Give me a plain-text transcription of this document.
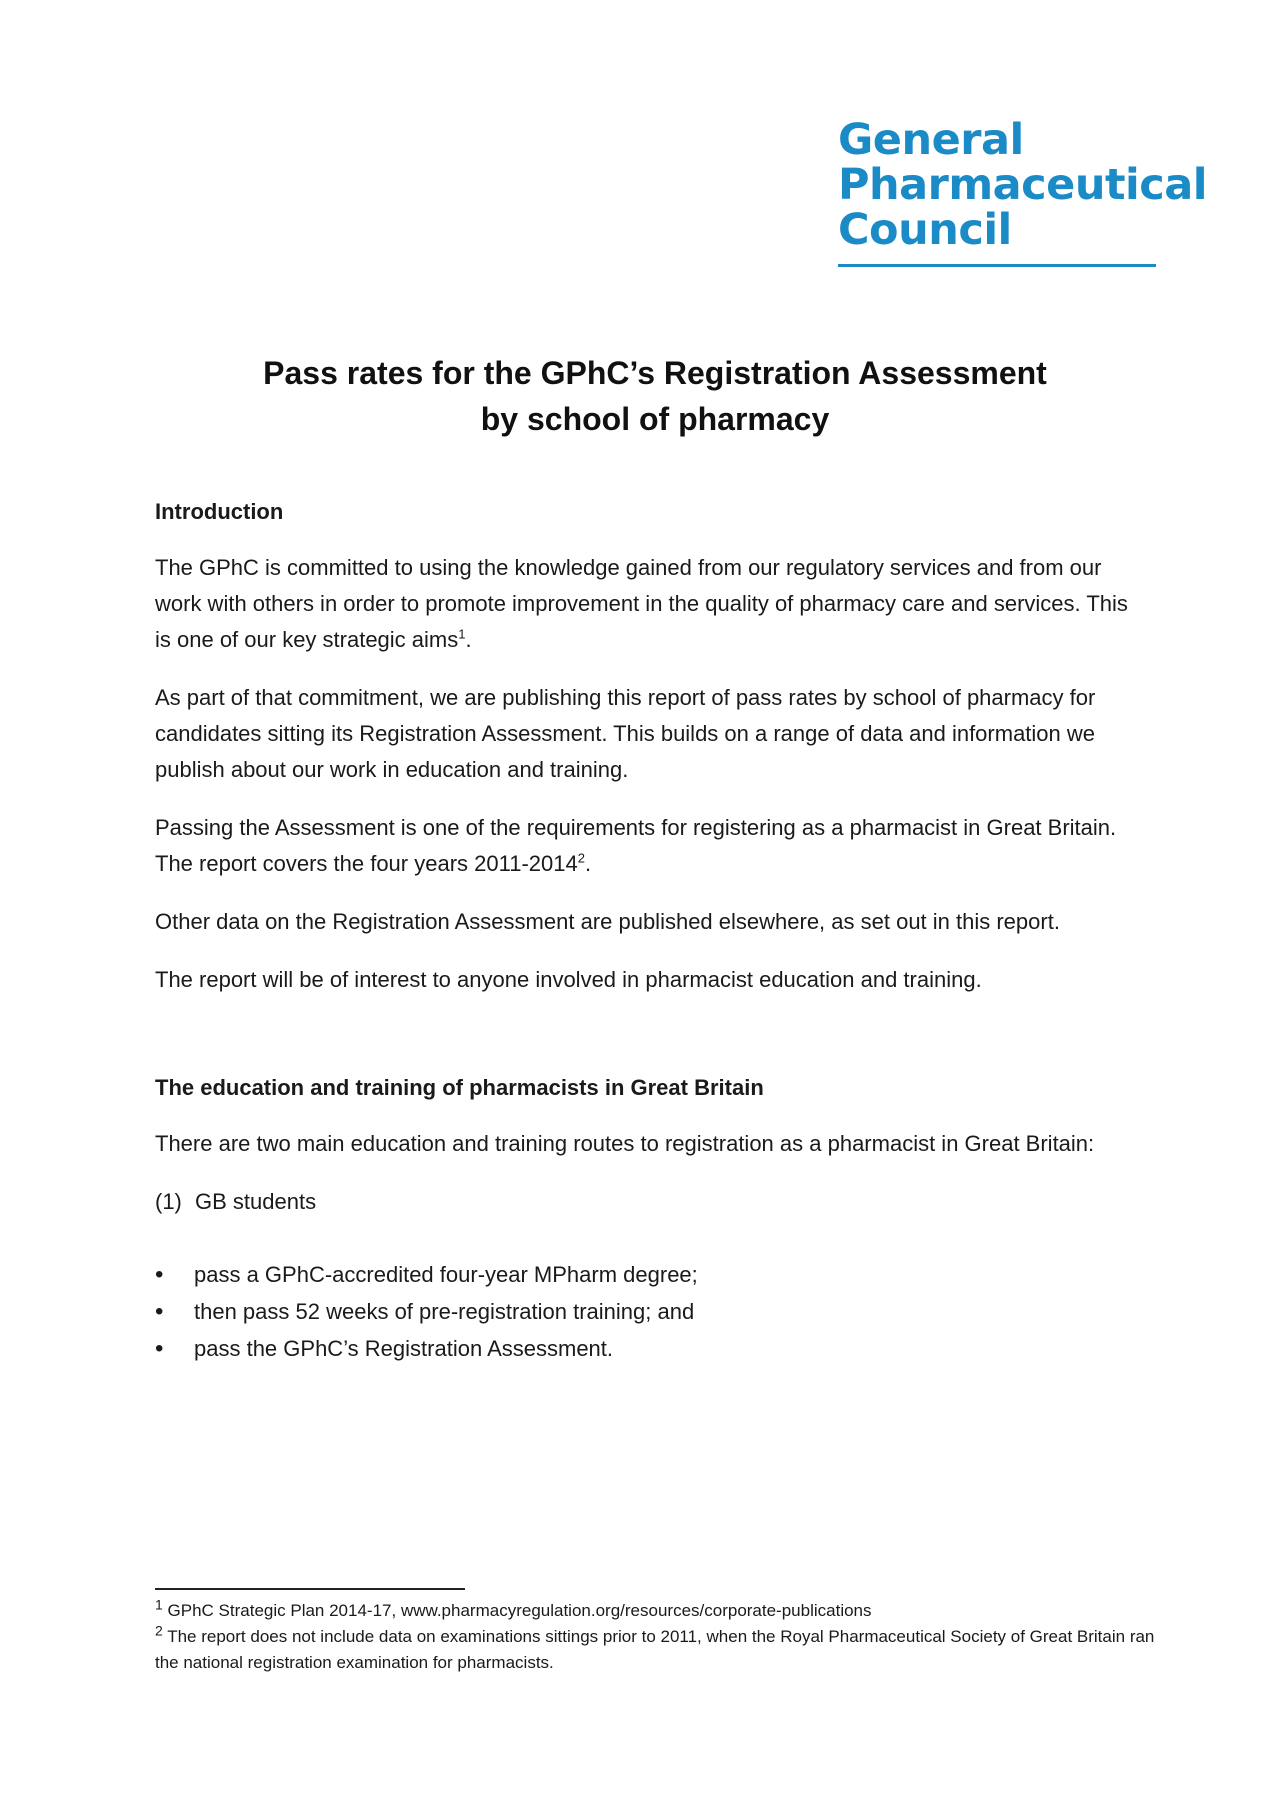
General
Pharmaceutical
Council
Pass rates for the GPhC’s Registration Assessment
by school of pharmacy
Introduction
The GPhC is committed to using the knowledge gained from our regulatory services and from our work with others in order to promote improvement in the quality of pharmacy care and services. This is one of our key strategic aims$^1$.
As part of that commitment, we are publishing this report of pass rates by school of pharmacy for candidates sitting its Registration Assessment. This builds on a range of data and information we publish about our work in education and training.
Passing the Assessment is one of the requirements for registering as a pharmacist in Great Britain. The report covers the four years 2011-2014$^2$.
Other data on the Registration Assessment are published elsewhere, as set out in this report.
The report will be of interest to anyone involved in pharmacist education and training.
The education and training of pharmacists in Great Britain
There are two main education and training routes to registration as a pharmacist in Great Britain:
(1) GB students
• pass a GPhC-accredited four-year MPharm degree;
• then pass 52 weeks of pre-registration training; and
• pass the GPhC’s Registration Assessment.
$^1$ GPhC Strategic Plan 2014-17, www.pharmacyregulation.org/resources/corporate-publications
$^2$ The report does not include data on examinations sittings prior to 2011, when the Royal Pharmaceutical Society of Great Britain ran the national registration examination for pharmacists.
